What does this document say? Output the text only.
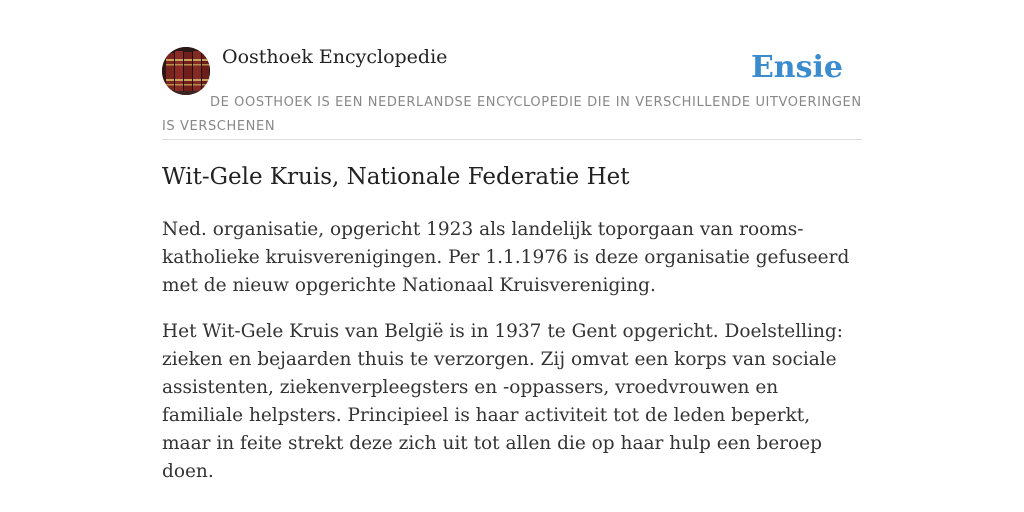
Oosthoek Encyclopedie	Ensie
DE OOSTHOEK IS EEN NEDERLANDSE ENCYCLOPEDIE DIE IN VERSCHILLENDE UITVOERINGEN IS VERSCHENEN
Wit-Gele Kruis, Nationale Federatie Het

Ned. organisatie, opgericht 1923 als landelijk toporgaan van rooms-katholieke kruisverenigingen. Per 1.1.1976 is deze organisatie gefuseerd met de nieuw opgerichte Nationaal Kruisvereniging.

Het Wit-Gele Kruis van België is in 1937 te Gent opgericht. Doelstelling: zieken en bejaarden thuis te verzorgen. Zij omvat een korps van sociale assistenten, ziekenverpleegsters en -oppassers, vroedvrouwen en familiale helpsters. Principieel is haar activiteit tot de leden beperkt, maar in feite strekt deze zich uit tot allen die op haar hulp een beroep doen.
